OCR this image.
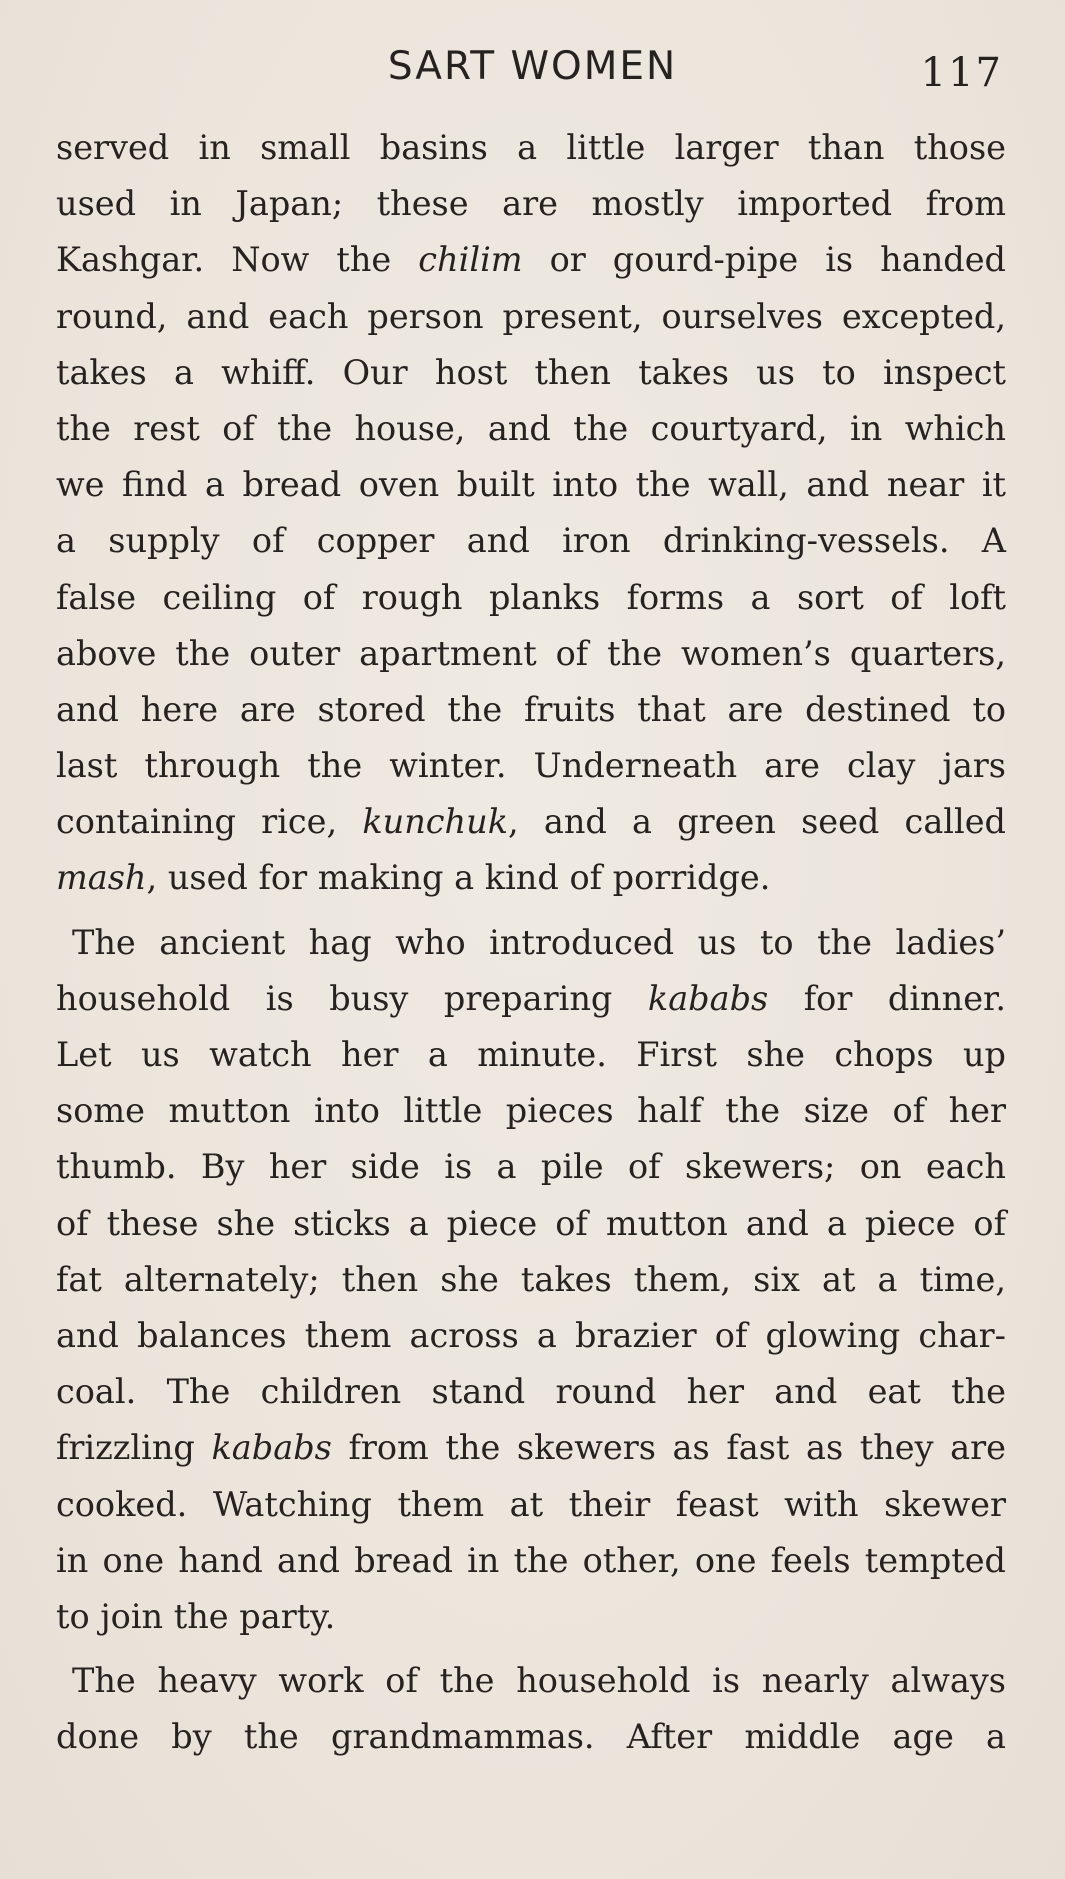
SART WOMEN	117
served in small basins a little larger than those
used in Japan; these are mostly imported from
Kashgar. Now the chilim or gourd-pipe is handed
round, and each person present, ourselves excepted,
takes a whiff. Our host then takes us to inspect
the rest of the house, and the courtyard, in which
we find a bread oven built into the wall, and near it
a supply of copper and iron drinking-vessels. A
false ceiling of rough planks forms a sort of loft
above the outer apartment of the women’s quarters,
and here are stored the fruits that are destined to
last through the winter. Underneath are clay jars
containing rice, kunchuk, and a green seed called
mash, used for making a kind of porridge.
The ancient hag who introduced us to the ladies’
household is busy preparing kababs for dinner.
Let us watch her a minute. First she chops up
some mutton into little pieces half the size of her
thumb. By her side is a pile of skewers; on each
of these she sticks a piece of mutton and a piece of
fat alternately; then she takes them, six at a time,
and balances them across a brazier of glowing char-
coal. The children stand round her and eat the
frizzling kababs from the skewers as fast as they are
cooked. Watching them at their feast with skewer
in one hand and bread in the other, one feels tempted
to join the party.
The heavy work of the household is nearly always
done by the grandmammas. After middle age a
